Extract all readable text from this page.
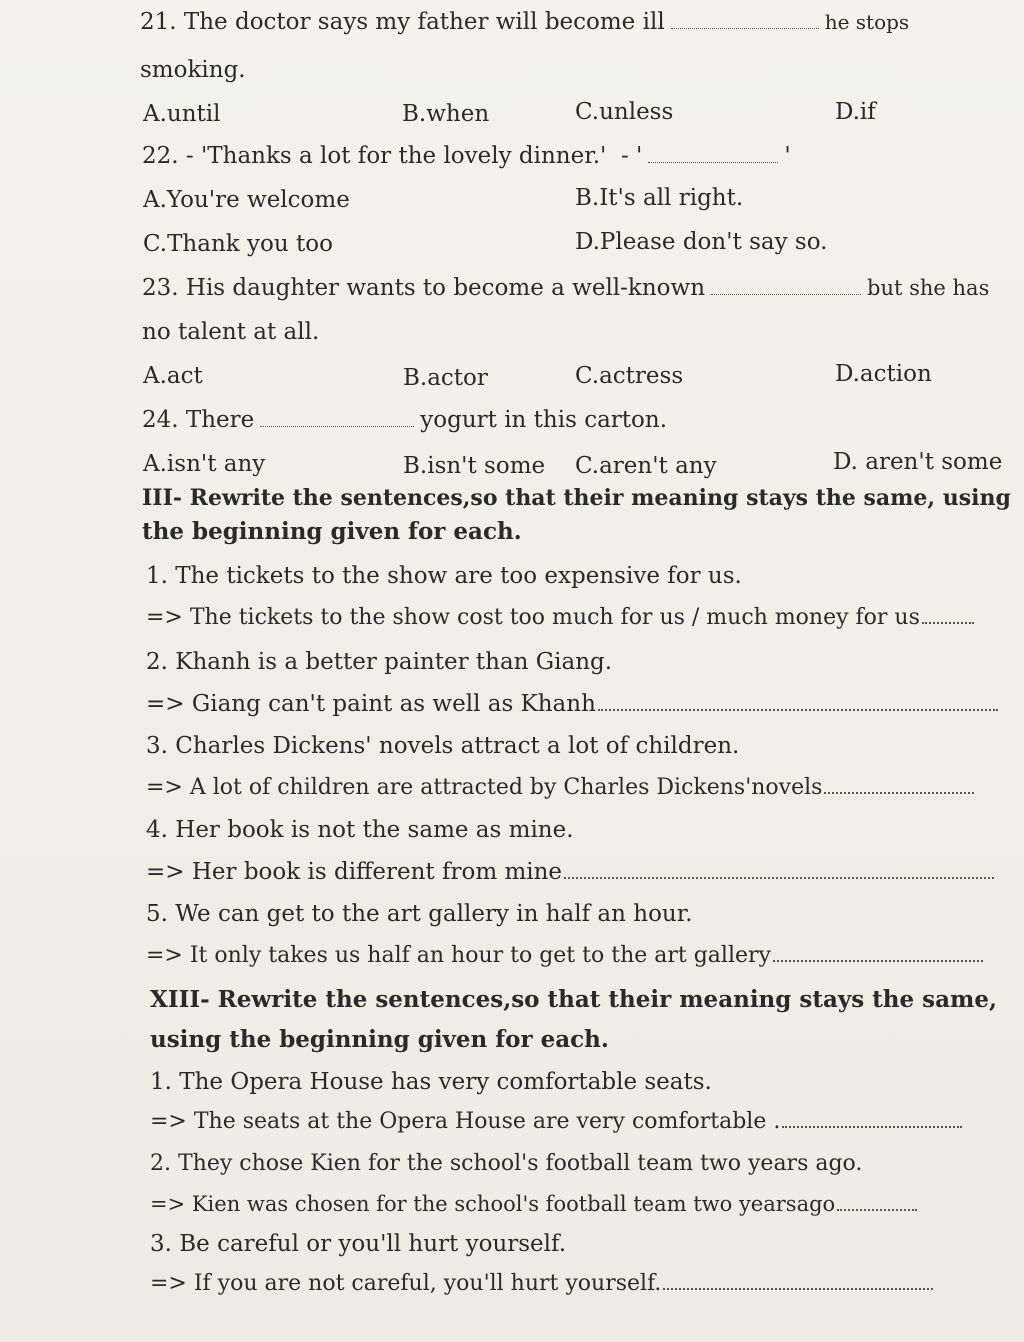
21. The doctor says my father will become ill	he stops
smoking.
A.until	B.when	C.unless	D.if
22. - 'Thanks a lot for the lovely dinner.' - '	'
A.You're welcome	B.It's all right.
C.Thank you too	D.Please don't say so.
23. His daughter wants to become a well-known	but she has
no talent at all.
A.act	B.actor	C.actress	D.action
24. There	yogurt in this carton.
A.isn't any	B.isn't some C.aren't any	D. aren't some
III- Rewrite the sentences,so that their meaning stays the same, using
the beginning given for each.
1. The tickets to the show are too expensive for us.
=> The tickets to the show cost too much for us / much money for us
2. Khanh is a better painter than Giang.
=> Giang can't paint as well as Khanh
3. Charles Dickens' novels attract a lot of children.
=> A lot of children are attracted by Charles Dickens'novels
4. Her book is not the same as mine.
=> Her book is different from mine
5. We can get to the art gallery in half an hour.
=> It only takes us half an hour to get to the art gallery
XIII- Rewrite the sentences,so that their meaning stays the same,
using the beginning given for each.
1. The Opera House has very comfortable seats.
=> The seats at the Opera House are very comfortable .
2. They chose Kien for the school's football team two years ago.
=> Kien was chosen for the school's football team two yearsago
3. Be careful or you'll hurt yourself.
=> If you are not careful, you'll hurt yourself.
